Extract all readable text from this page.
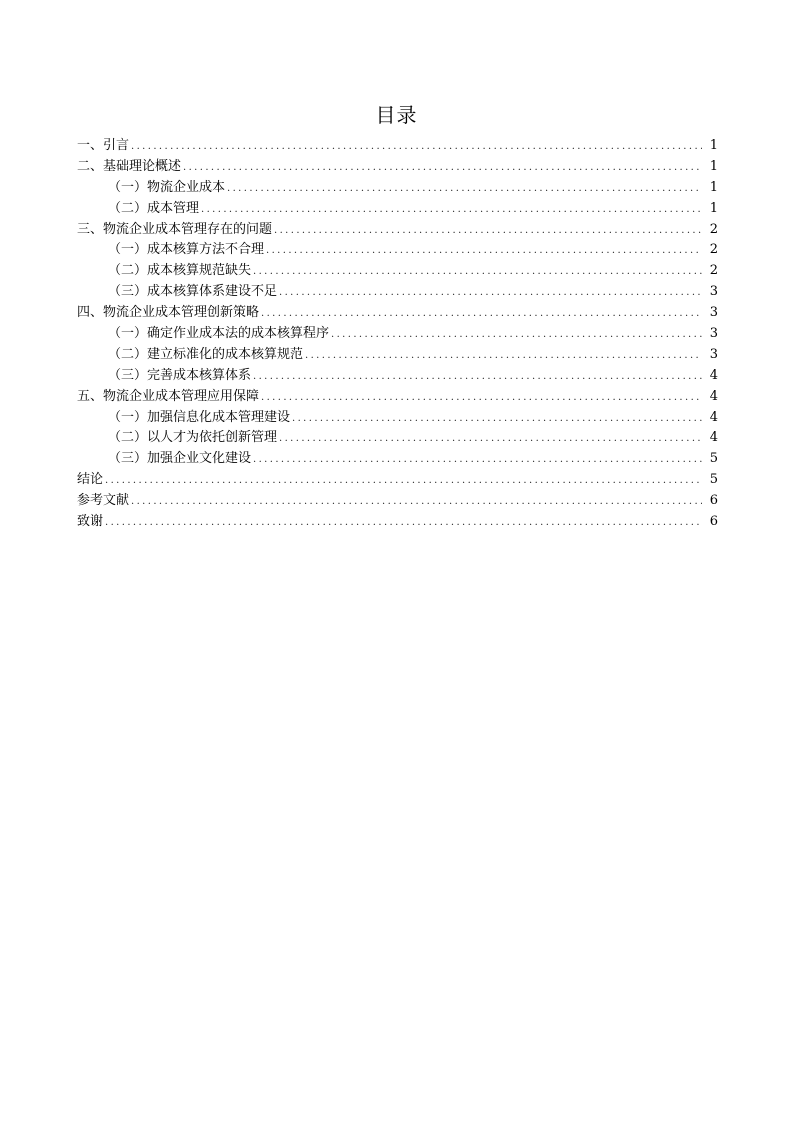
目录
一、引言 .....	1
二、基础理论概述 .....	1
（一）物流企业成本 .....	1
（二）成本管理 .....	1
三、物流企业成本管理存在的问题 .....	2
（一）成本核算方法不合理 .....	2
（二）成本核算规范缺失 .....	2
（三）成本核算体系建设不足 .....	3
四、物流企业成本管理创新策略 .....	3
（一）确定作业成本法的成本核算程序 .....	3
（二）建立标准化的成本核算规范 .....	3
（三）完善成本核算体系 .....	4
五、物流企业成本管理应用保障 .....	4
（一）加强信息化成本管理建设 .....	4
（二）以人才为依托创新管理 .....	4
（三）加强企业文化建设 .....	5
结论 .....	5
参考文献 .....	6
致谢 .....	6
